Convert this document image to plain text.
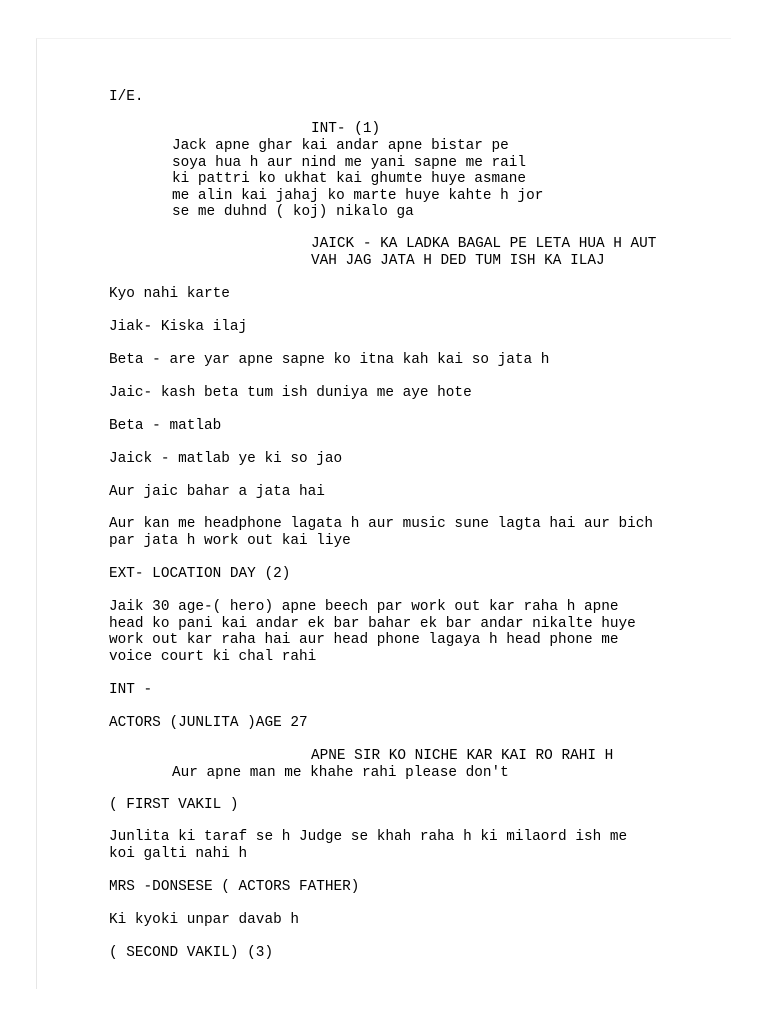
I/E.

INT- (1)

Jack apne ghar kai andar apne bistar pe

soya hua h aur nind me yani sapne me rail

ki pattri ko ukhat kai ghumte huye asmane

me alin kai jahaj ko marte huye kahte h jor

se me duhnd ( koj) nikalo ga

JAICK - KA LADKA BAGAL PE LETA HUA H AUT

VAH JAG JATA H DED TUM ISH KA ILAJ

Kyo nahi karte

Jiak- Kiska ilaj

Beta - are yar apne sapne ko itna kah kai so jata h

Jaic- kash beta tum ish duniya me aye hote

Beta - matlab

Jaick - matlab ye ki so jao

Aur jaic bahar a jata hai

Aur kan me headphone lagata h aur music sune lagta hai aur bich

par jata h work out kai liye

EXT- LOCATION DAY (2)

Jaik 30 age-( hero) apne beech par work out kar raha h apne

head ko pani kai andar ek bar bahar ek bar andar nikalte huye

work out kar raha hai aur head phone lagaya h head phone me

voice court ki chal rahi

INT -

ACTORS (JUNLITA )AGE 27

APNE SIR KO NICHE KAR KAI RO RAHI H

Aur apne man me khahe rahi please don't

( FIRST VAKIL )

Junlita ki taraf se h Judge se khah raha h ki milaord ish me

koi galti nahi h

MRS -DONSESE ( ACTORS FATHER)

Ki kyoki unpar davab h

( SECOND VAKIL) (3)
